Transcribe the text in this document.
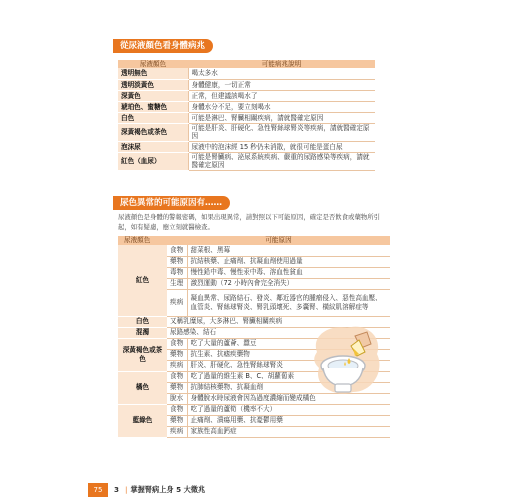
從尿液顏色看身體病兆
尿液顏色	可能病兆說明
透明無色	喝太多水
透明淡黃色	身體健康，一切正常
深黃色	正常，但建議該喝水了
琥珀色、蜜糖色	身體水分不足，要立刻喝水
白色	可能是淋巴、腎臟相關疾病，請就醫確定原因
深黃褐色或茶色	可能是肝炎、肝硬化、急性腎絲球腎炎等疾病，請就醫確定原因
泡沫尿	尿液中的泡沫經 15 秒仍未消散，就很可能是蛋白尿
紅色（血尿）	可能是腎臟病、泌尿系統疾病、嚴重的尿路感染等疾病，請就醫確定原因
尿色異常的可能原因有……

尿液顏色是身體的警報密碼，如果出現異常，請對照以下可能原因，確定是否飲食或藥物所引起，如有疑慮，應立刻就醫檢查。

尿液顏色	可能原因	
紅色	食物	甜菜根、黑莓
	藥物	抗結核藥、止痛劑、抗凝血劑使用過量
	毒物	慢性鉛中毒、慢性汞中毒、溶血性貧血
	生理	激烈運動（72 小時內會完全消失）
	疾病	凝血異常、尿路結石、發炎、鄰近器官的腫瘤侵入、惡性高血壓、血管炎、腎絲球腎炎、腎乳頭壞死、多囊腎、橫紋肌溶解症等
白色	又稱乳糜尿，大多淋巴、腎臟相關疾病	
混濁	尿路感染、結石	
深黃褐色或茶色	食物	吃了大量的蘆薈、蠶豆
	藥物	抗生素、抗瘧疾藥物
	疾病	肝炎、肝硬化、急性腎絲球腎炎
橘色	食物	吃了過量的維生素 B、C、胡蘿蔔素
	藥物	抗肺結核藥物、抗凝血劑
	脫水	身體脫水時尿液會因為過度濃縮而變成橘色
藍綠色	食物	吃了過量的蘆筍（機率不大）
	藥物	止痛劑、潰瘍用藥、抗憂鬱用藥
	疾病	家族性高血鈣症
75	3 | 掌握腎病上身 5 大徵兆
